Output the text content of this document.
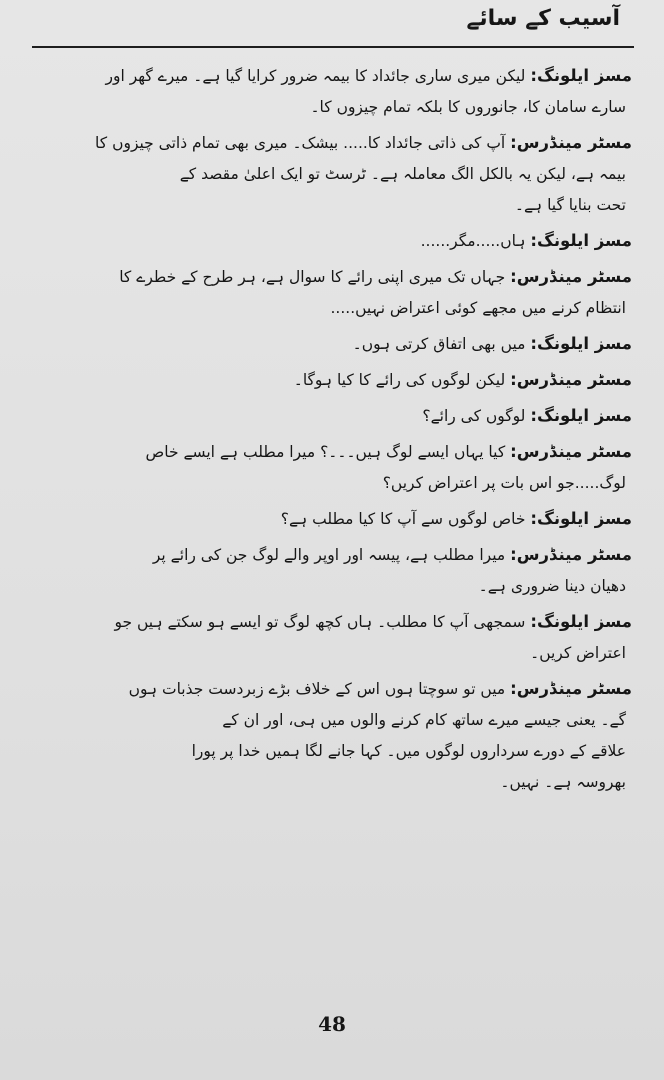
آسیب کے سائے
مسز ایلونگ: لیکن میری ساری جائداد کا بیمہ ضرور کرایا گیا ہے۔ میرے گھر اور
سارے سامان کا، جانوروں کا بلکہ تمام چیزوں کا۔
مسٹر مینڈرس: آپ کی ذاتی جائداد کا..... بیشک۔ میری بھی تمام ذاتی چیزوں کا
بیمہ ہے، لیکن یہ بالکل الگ معاملہ ہے۔ ٹرسٹ تو ایک اعلیٰ مقصد کے
تحت بنایا گیا ہے۔
مسز ایلونگ: ہاں.....مگر......
مسٹر مینڈرس: جہاں تک میری اپنی رائے کا سوال ہے، ہر طرح کے خطرے کا
انتظام کرنے میں مجھے کوئی اعتراض نہیں.....
مسز ایلونگ: میں بھی اتفاق کرتی ہوں۔
مسٹر مینڈرس: لیکن لوگوں کی رائے کا کیا ہوگا۔
مسز ایلونگ: لوگوں کی رائے؟
مسٹر مینڈرس: کیا یہاں ایسے لوگ ہیں۔۔۔؟ میرا مطلب ہے ایسے خاص
لوگ.....جو اس بات پر اعتراض کریں؟
مسز ایلونگ: خاص لوگوں سے آپ کا کیا مطلب ہے؟
مسٹر مینڈرس: میرا مطلب ہے، پیسہ اور اوپر والے لوگ جن کی رائے پر
دھیان دینا ضروری ہے۔
مسز ایلونگ: سمجھی آپ کا مطلب۔ ہاں کچھ لوگ تو ایسے ہو سکتے ہیں جو
اعتراض کریں۔
مسٹر مینڈرس: میں تو سوچتا ہوں اس کے خلاف بڑے زبردست جذبات ہوں
گے۔ یعنی جیسے میرے ساتھ کام کرنے والوں میں ہی، اور ان کے
علاقے کے دورے سرداروں لوگوں میں۔ کہا جانے لگا ہمیں خدا پر پورا
بھروسہ ہے۔ نہیں۔
48
